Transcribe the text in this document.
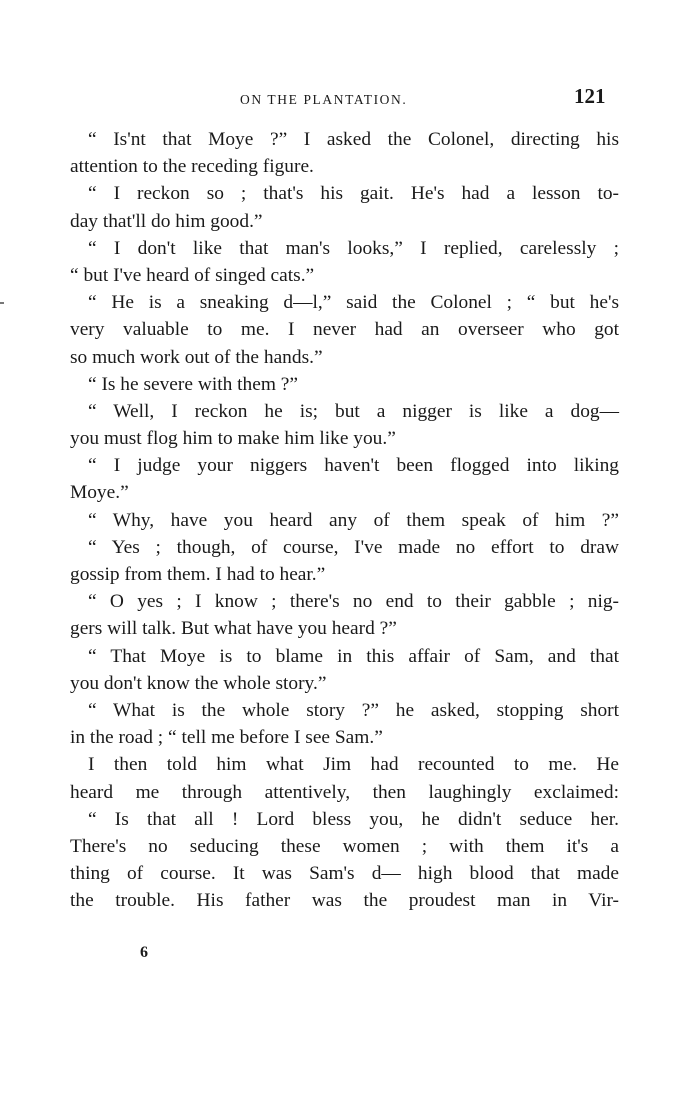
ON THE PLANTATION.	121
“ Is'nt that Moye ?” I asked the Colonel, directing his
attention to the receding figure.
“ I reckon so ; that's his gait. He's had a lesson to-
day that'll do him good.”
“ I don't like that man's looks,” I replied, carelessly ;
“ but I've heard of singed cats.”
“ He is a sneaking d—l,” said the Colonel ; “ but he's
very valuable to me. I never had an overseer who got
so much work out of the hands.”
“ Is he severe with them ?”
“ Well, I reckon he is; but a nigger is like a dog—
you must flog him to make him like you.”
“ I judge your niggers haven't been flogged into liking
Moye.”
“ Why, have you heard any of them speak of him ?”
“ Yes ; though, of course, I've made no effort to draw
gossip from them. I had to hear.”
“ O yes ; I know ; there's no end to their gabble ; nig-
gers will talk. But what have you heard ?”
“ That Moye is to blame in this affair of Sam, and that
you don't know the whole story.”
“ What is the whole story ?” he asked, stopping short
in the road ; “ tell me before I see Sam.”
I then told him what Jim had recounted to me. He
heard me through attentively, then laughingly exclaimed:
“ Is that all ! Lord bless you, he didn't seduce her.
There's no seducing these women ; with them it's a
thing of course. It was Sam's d— high blood that made
the trouble. His father was the proudest man in Vir-
6
